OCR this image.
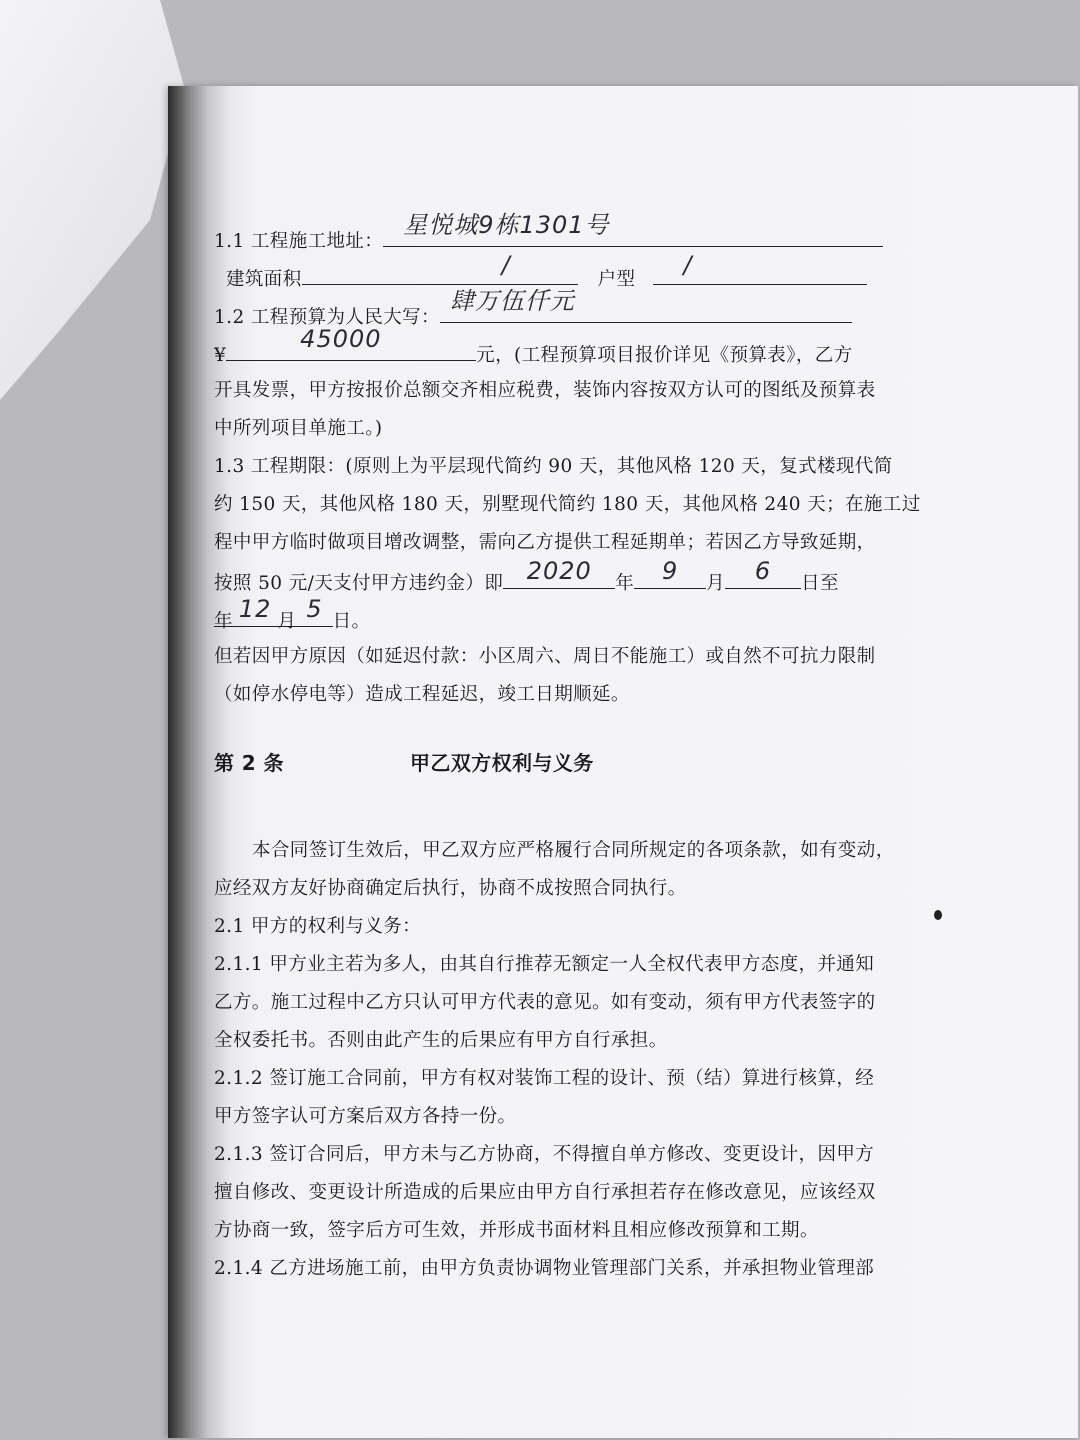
1.1 工程施工地址：
星悦城9栋1301号
建筑面积
/
户型
/
1.2 工程预算为人民大写：
肆万伍仟元
¥
45000
元，(工程预算项目报价详见《预算表》，乙方
开具发票，甲方按报价总额交齐相应税费，装饰内容按双方认可的图纸及预算表
中所列项目单施工。)
1.3 工程期限：(原则上为平层现代简约 90 天，其他风格 120 天，复式楼现代简
约 150 天，其他风格 180 天，别墅现代简约 180 天，其他风格 240 天；在施工过
程中甲方临时做项目增改调整，需向乙方提供工程延期单；若因乙方导致延期，
按照 50 元/天支付甲方违约金）即 2020 年 9 月 6 日至
年 12 月 5 日。
但若因甲方原因（如延迟付款：小区周六、周日不能施工）或自然不可抗力限制
（如停水停电等）造成工程延迟，竣工日期顺延。
第 2 条	甲乙双方权利与义务
本合同签订生效后，甲乙双方应严格履行合同所规定的各项条款，如有变动，
应经双方友好协商确定后执行，协商不成按照合同执行。
2.1 甲方的权利与义务：
2.1.1 甲方业主若为多人，由其自行推荐无额定一人全权代表甲方态度，并通知
乙方。施工过程中乙方只认可甲方代表的意见。如有变动，须有甲方代表签字的
全权委托书。否则由此产生的后果应有甲方自行承担。
2.1.2 签订施工合同前，甲方有权对装饰工程的设计、预（结）算进行核算，经
甲方签字认可方案后双方各持一份。
2.1.3 签订合同后，甲方未与乙方协商，不得擅自单方修改、变更设计，因甲方
擅自修改、变更设计所造成的后果应由甲方自行承担若存在修改意见，应该经双
方协商一致，签字后方可生效，并形成书面材料且相应修改预算和工期。
2.1.4 乙方进场施工前，由甲方负责协调物业管理部门关系，并承担物业管理部
